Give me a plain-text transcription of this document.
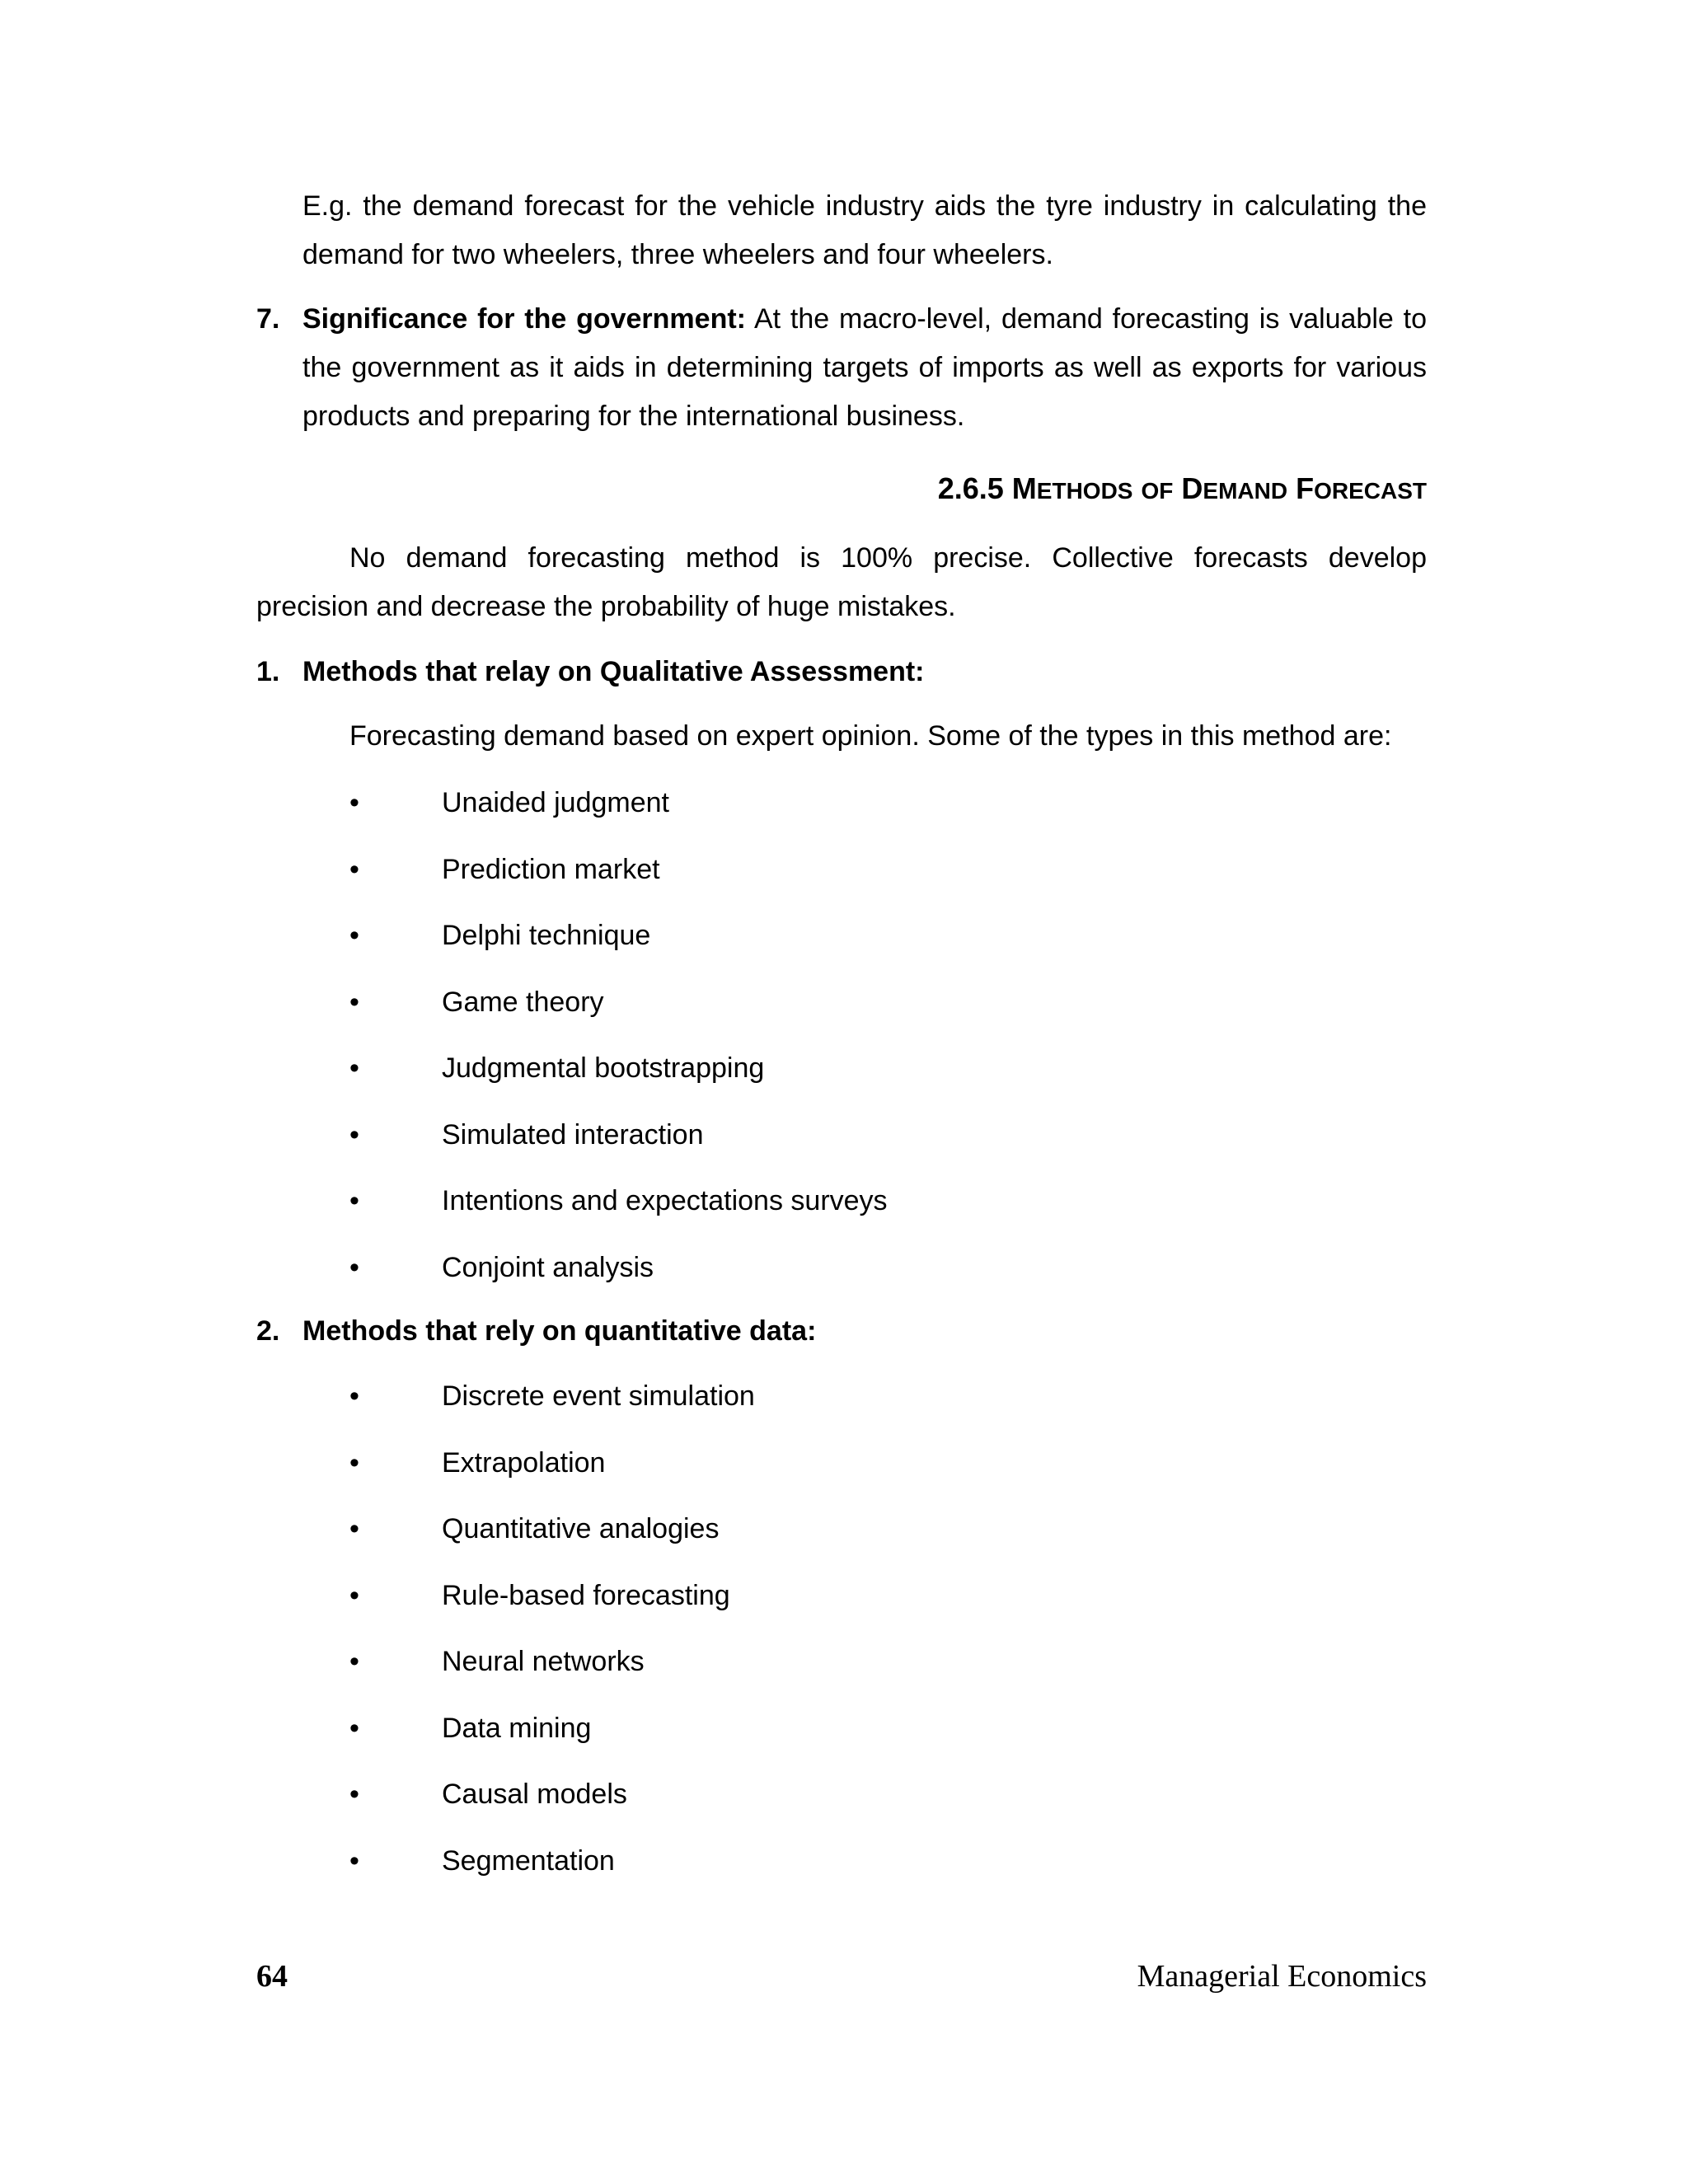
E.g. the demand forecast for the vehicle industry aids the tyre industry in calculating the
demand for two wheelers, three wheelers and four wheelers.
7. Significance for the government: At the macro-level, demand forecasting is valuable to
the government as it aids in determining targets of imports as well as exports for various
products and preparing for the international business.
2.6.5 METHODS OF DEMAND FORECAST
No demand forecasting method is 100% precise. Collective forecasts develop
precision and decrease the probability of huge mistakes.
1. Methods that relay on Qualitative Assessment:
Forecasting demand based on expert opinion. Some of the types in this method are:
•	Unaided judgment
•	Prediction market
•	Delphi technique
•	Game theory
•	Judgmental bootstrapping
•	Simulated interaction
•	Intentions and expectations surveys
•	Conjoint analysis
2. Methods that rely on quantitative data:
•	Discrete event simulation
•	Extrapolation
•	Quantitative analogies
•	Rule-based forecasting
•	Neural networks
•	Data mining
•	Causal models
•	Segmentation
64	Managerial Economics
